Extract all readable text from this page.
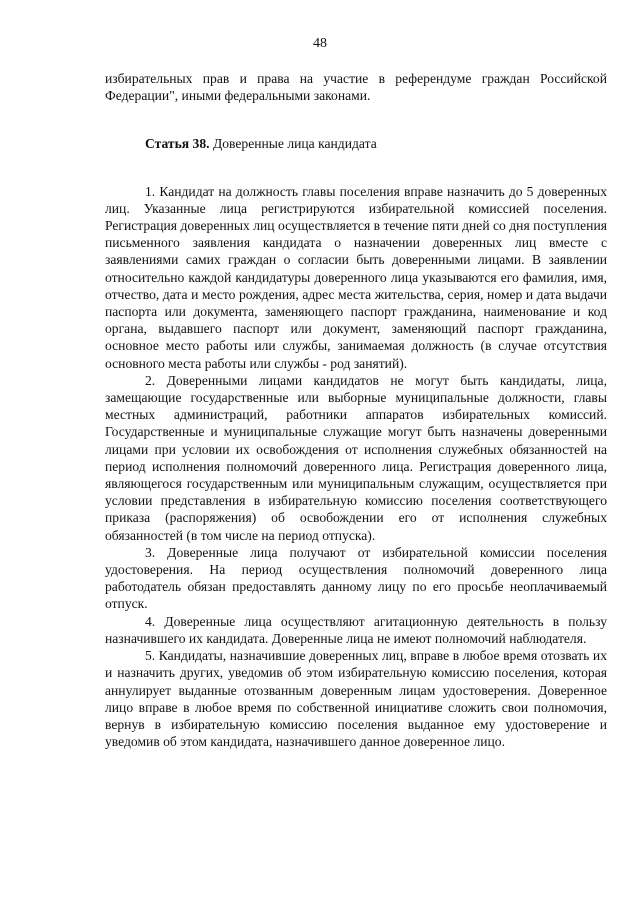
48

избирательных прав и права на участие в референдуме граждан Российской Федерации", иными федеральными законами.

Статья 38. Доверенные лица кандидата

1. Кандидат на должность главы поселения вправе назначить до 5 доверенных лиц. Указанные лица регистрируются избирательной комиссией поселения. Регистрация доверенных лиц осуществляется в течение пяти дней со дня поступления письменного заявления кандидата о назначении доверенных лиц вместе с заявлениями самих граждан о согласии быть доверенными лицами. В заявлении относительно каждой кандидатуры доверенного лица указываются его фамилия, имя, отчество, дата и место рождения, адрес места жительства, серия, номер и дата выдачи паспорта или документа, заменяющего паспорт гражданина, наименование и код органа, выдавшего паспорт или документ, заменяющий паспорт гражданина, основное место работы или службы, занимаемая должность (в случае отсутствия основного места работы или службы - род занятий).

2. Доверенными лицами кандидатов не могут быть кандидаты, лица, замещающие государственные или выборные муниципальные должности, главы местных администраций, работники аппаратов избирательных комиссий. Государственные и муниципальные служащие могут быть назначены доверенными лицами при условии их освобождения от исполнения служебных обязанностей на период исполнения полномочий доверенного лица. Регистрация доверенного лица, являющегося государственным или муниципальным служащим, осуществляется при условии представления в избирательную комиссию поселения соответствующего приказа (распоряжения) об освобождении его от исполнения служебных обязанностей (в том числе на период отпуска).

3. Доверенные лица получают от избирательной комиссии поселения удостоверения. На период осуществления полномочий доверенного лица работодатель обязан предоставлять данному лицу по его просьбе неоплачиваемый отпуск.

4. Доверенные лица осуществляют агитационную деятельность в пользу назначившего их кандидата. Доверенные лица не имеют полномочий наблюдателя.

5. Кандидаты, назначившие доверенных лиц, вправе в любое время отозвать их и назначить других, уведомив об этом избирательную комиссию поселения, которая аннулирует выданные отозванным доверенным лицам удостоверения. Доверенное лицо вправе в любое время по собственной инициативе сложить свои полномочия, вернув в избирательную комиссию поселения выданное ему удостоверение и уведомив об этом кандидата, назначившего данное доверенное лицо.
